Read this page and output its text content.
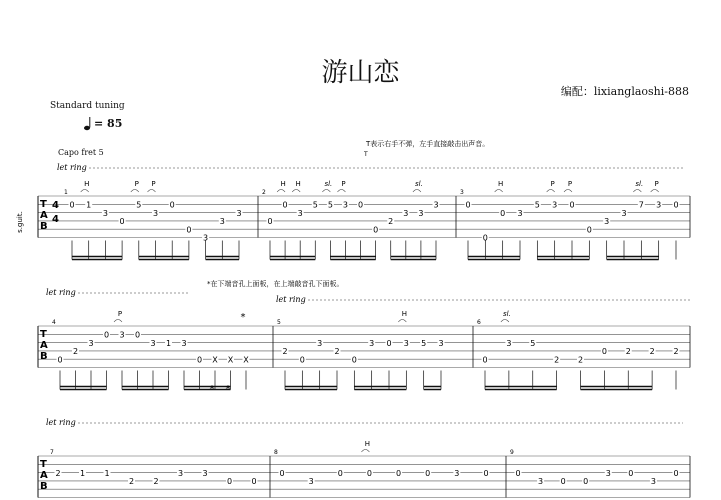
游山恋
编配：lixianglaoshi-888
Standard tuning
= 85
Capo fret 5
s.guit.
T表示右手不弹，左手直接敲击出声音。
T
*在下端音孔上面板，在上端敲音孔下面板。
T
A
B
4
4
let ring
1
0 1
H
3
0
5
P
3
P
0
0
3
3
3
2
0
0
H
3
H
5 5
sl.
3
P
0
0
2
3 3
sl.
3
3
0
0
0
H
3
5 3
P
0
P
0
3
3
7
sl.
3
P
0
T
A
B
let ring
let ring
4
0
2
3
0 3
P
0
3 1 3
0 X X X
5
2
0
3
2
0
3 0 3
H
5 3
6
0
3
sl.
5
2 2
0 2 2 2
T
A
B
let ring
7
2 1 1
2 2
3 3
0 0
8
0
3
0	0
H
0	0	3	0
9
0
3 0 0
3 0
3
0
*
* *
